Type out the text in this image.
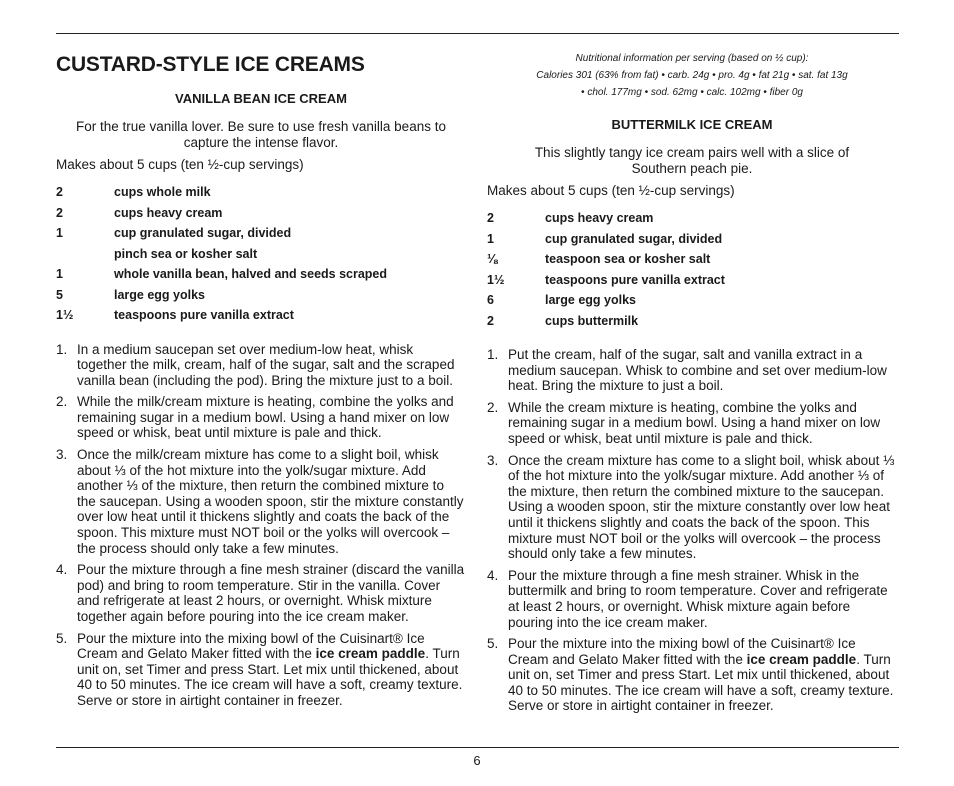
CUSTARD-STYLE ICE CREAMS
VANILLA BEAN ICE CREAM
For the true vanilla lover. Be sure to use fresh vanilla beans to capture the intense flavor.
Makes about 5 cups (ten ½-cup servings)
2	cups whole milk
2	cups heavy cream
1	cup granulated sugar, divided
pinch sea or kosher salt
1	whole vanilla bean, halved and seeds scraped
5	large egg yolks
1½	teaspoons pure vanilla extract
1. In a medium saucepan set over medium-low heat, whisk together the milk, cream, half of the sugar, salt and the scraped vanilla bean (including the pod). Bring the mixture just to a boil.
2. While the milk/cream mixture is heating, combine the yolks and remaining sugar in a medium bowl. Using a hand mixer on low speed or whisk, beat until mixture is pale and thick.
3. Once the milk/cream mixture has come to a slight boil, whisk about ⅓ of the hot mixture into the yolk/sugar mixture. Add another ⅓ of the mixture, then return the combined mixture to the saucepan. Using a wooden spoon, stir the mixture constantly over low heat until it thickens slightly and coats the back of the spoon. This mixture must NOT boil or the yolks will overcook – the process should only take a few minutes.
4. Pour the mixture through a fine mesh strainer (discard the vanilla pod) and bring to room temperature. Stir in the vanilla. Cover and refrigerate at least 2 hours, or overnight. Whisk mixture together again before pouring into the ice cream maker.
5. Pour the mixture into the mixing bowl of the Cuisinart® Ice Cream and Gelato Maker fitted with the ice cream paddle. Turn unit on, set Timer and press Start. Let mix until thickened, about 40 to 50 minutes. The ice cream will have a soft, creamy texture. Serve or store in airtight container in freezer.
Nutritional information per serving (based on ½ cup):
Calories 301 (63% from fat) • carb. 24g • pro. 4g • fat 21g • sat. fat 13g
• chol. 177mg • sod. 62mg • calc. 102mg • fiber 0g
BUTTERMILK ICE CREAM
This slightly tangy ice cream pairs well with a slice of Southern peach pie.
Makes about 5 cups (ten ½-cup servings)
2	cups heavy cream
1	cup granulated sugar, divided
⅛	teaspoon sea or kosher salt
1½	teaspoons pure vanilla extract
6	large egg yolks
2	cups buttermilk
1. Put the cream, half of the sugar, salt and vanilla extract in a medium saucepan. Whisk to combine and set over medium-low heat. Bring the mixture to just a boil.
2. While the cream mixture is heating, combine the yolks and remaining sugar in a medium bowl. Using a hand mixer on low speed or whisk, beat until mixture is pale and thick.
3. Once the cream mixture has come to a slight boil, whisk about ⅓ of the hot mixture into the yolk/sugar mixture. Add another ⅓ of the mixture, then return the combined mixture to the saucepan. Using a wooden spoon, stir the mixture constantly over low heat until it thickens slightly and coats the back of the spoon. This mixture must NOT boil or the yolks will overcook – the process should only take a few minutes.
4. Pour the mixture through a fine mesh strainer. Whisk in the buttermilk and bring to room temperature. Cover and refrigerate at least 2 hours, or overnight. Whisk mixture again before pouring into the ice cream maker.
5. Pour the mixture into the mixing bowl of the Cuisinart® Ice Cream and Gelato Maker fitted with the ice cream paddle. Turn unit on, set Timer and press Start. Let mix until thickened, about 40 to 50 minutes. The ice cream will have a soft, creamy texture. Serve or store in airtight container in freezer.
6
